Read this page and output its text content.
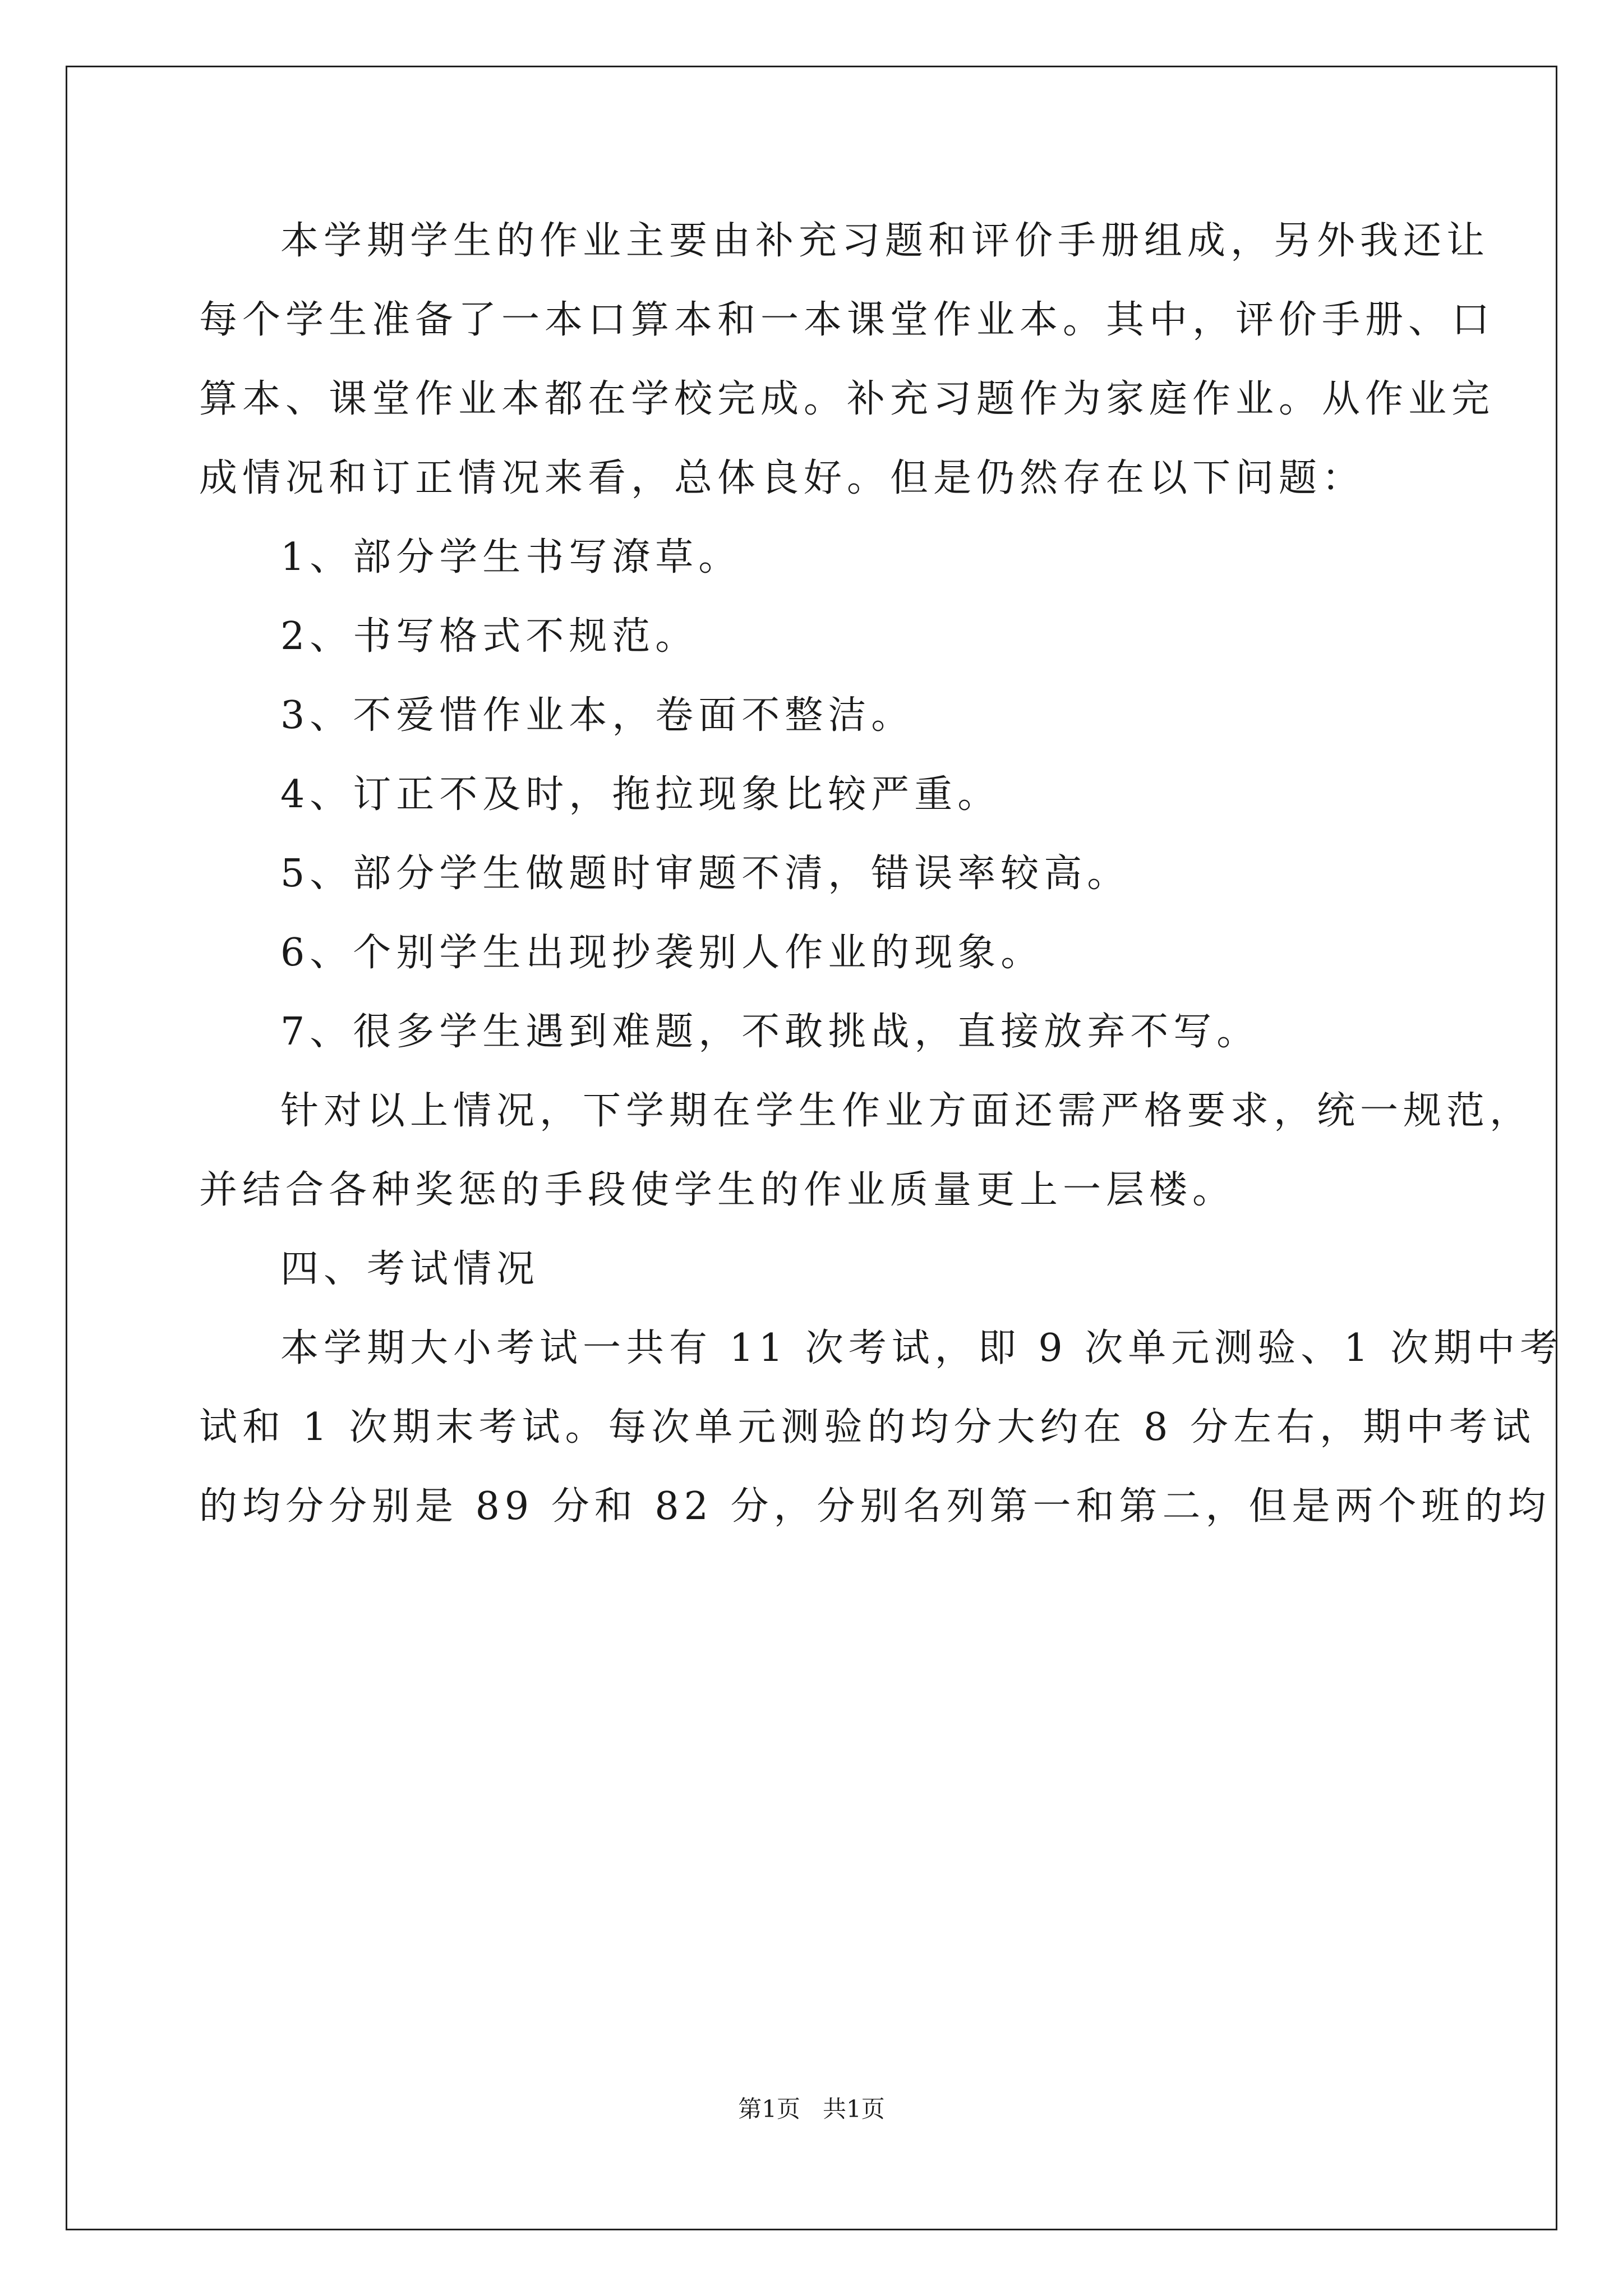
本学期学生的作业主要由补充习题和评价手册组成，另外我还让
每个学生准备了一本口算本和一本课堂作业本。其中，评价手册、口
算本、课堂作业本都在学校完成。补充习题作为家庭作业。从作业完
成情况和订正情况来看，总体良好。但是仍然存在以下问题：
1、部分学生书写潦草。
2、书写格式不规范。
3、不爱惜作业本，卷面不整洁。
4、订正不及时，拖拉现象比较严重。
5、部分学生做题时审题不清，错误率较高。
6、个别学生出现抄袭别人作业的现象。
7、很多学生遇到难题，不敢挑战，直接放弃不写。
针对以上情况，下学期在学生作业方面还需严格要求，统一规范，
并结合各种奖惩的手段使学生的作业质量更上一层楼。
四、考试情况
本学期大小考试一共有 11 次考试，即 9 次单元测验、1 次期中考
试和 1 次期末考试。每次单元测验的均分大约在 8 分左右，期中考试
的均分分别是 89 分和 82 分，分别名列第一和第二，但是两个班的均
第1页   共1页
